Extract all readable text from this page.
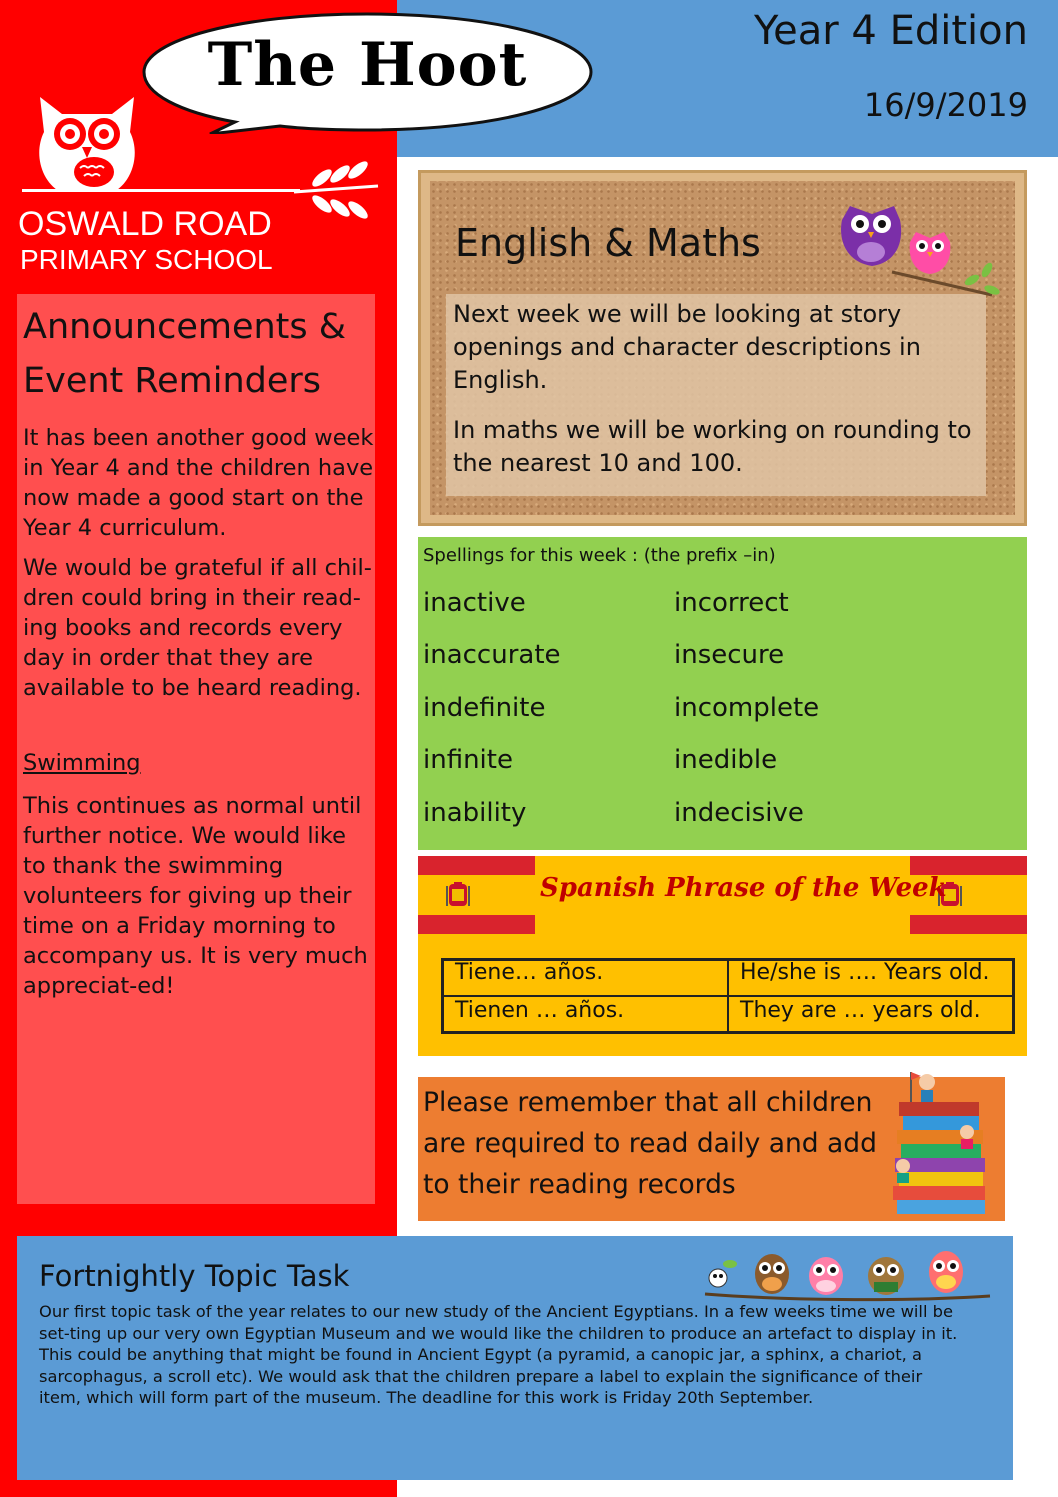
The Hoot
OSWALD ROAD
PRIMARY SCHOOL
Year 4 Edition
16/9/2019
Announcements & Event Reminders
It has been another good week in Year 4 and the children have now made a good start on the Year 4 curriculum.
We would be grateful if all chil-dren could bring in their read-ing books and records every day in order that they are available to be heard reading.
Swimming
This continues as normal until further notice. We would like to thank the swimming volunteers for giving up their time on a Friday morning to accompany us. It is very much appreciat-ed!
English & Maths
Next week we will be looking at story openings and character descriptions in English.
In maths we will be working on rounding to the nearest 10 and 100.
Spellings for this week : (the prefix –in)
inactive
inaccurate
indefinite
infinite
inability
incorrect
insecure
incomplete
inedible
indecisive
Spanish Phrase of the Week
Tiene… años.	He/she is …. Years old.
Tienen … años.	They are … years old.
Please remember that all children are required to read daily and add to their reading records
Fortnightly Topic Task
Our first topic task of the year relates to our new study of the Ancient Egyptians. In a few weeks time we will be set-ting up our very own Egyptian Museum and we would like the children to produce an artefact to display in it. This could be anything that might be found in Ancient Egypt (a pyramid, a canopic jar, a sphinx, a chariot, a sarcophagus, a scroll etc). We would ask that the children prepare a label to explain the significance of their item, which will form part of the museum. The deadline for this work is Friday 20th September.
